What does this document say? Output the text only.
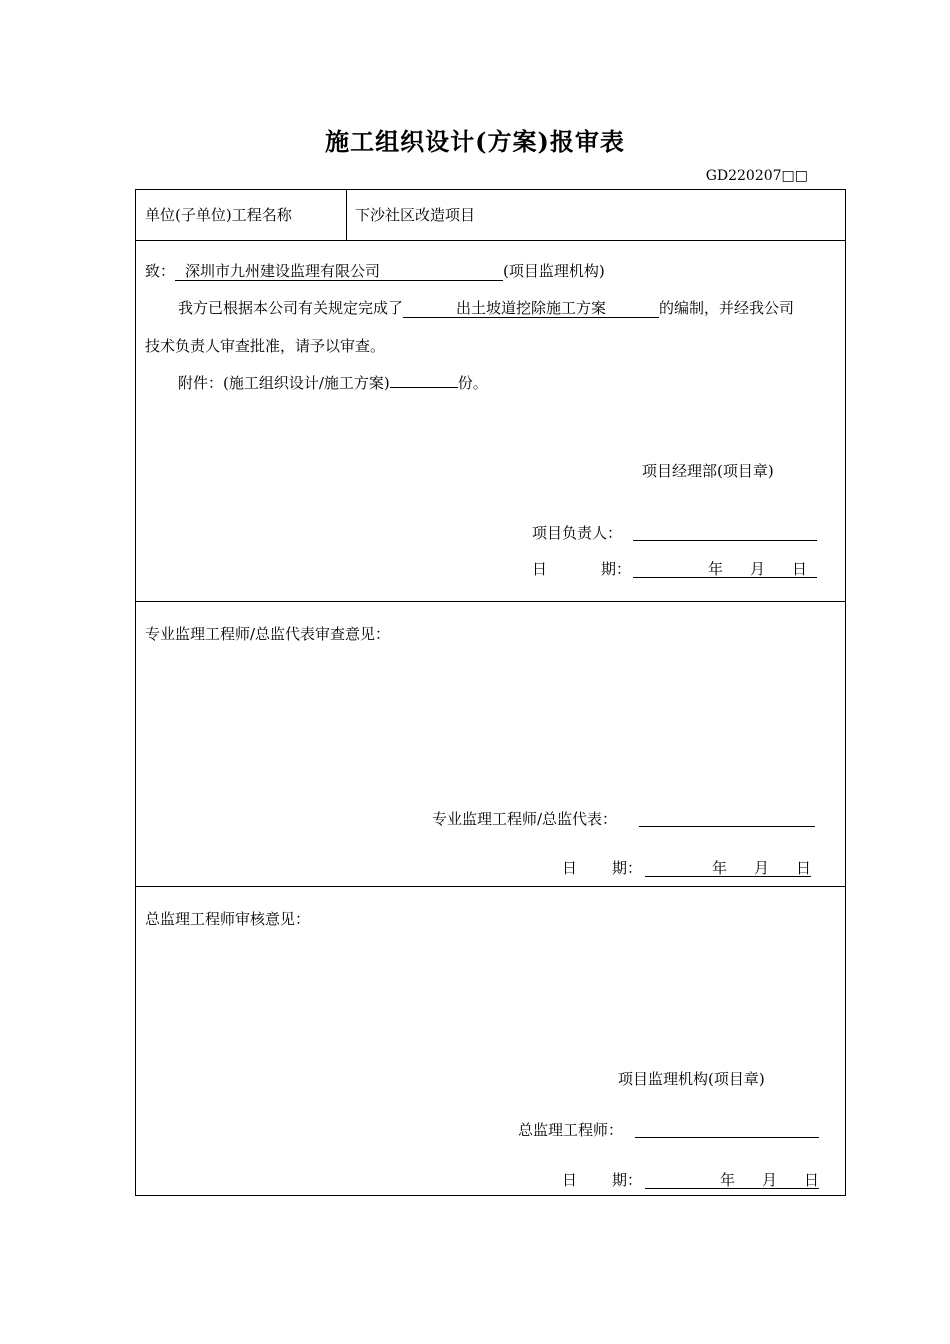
施工组织设计(方案)报审表
GD220207□□
单位(子单位)工程名称	下沙社区改造项目
致： 深圳市九州建设监理有限公司	(项目监理机构)
我方已根据本公司有关规定完成了	出土坡道挖除施工方案	的编制，并经我公司
技术负责人审查批准，请予以审查。
附件：(施工组织设计/施工方案)	份。
项目经理部(项目章)
项目负责人：
日	期：	年 月 日
专业监理工程师/总监代表审查意见：
专业监理工程师/总监代表：
日 期：	年 月 日
总监理工程师审核意见：
项目监理机构(项目章)
总监理工程师：
日 期：	年 月 日
